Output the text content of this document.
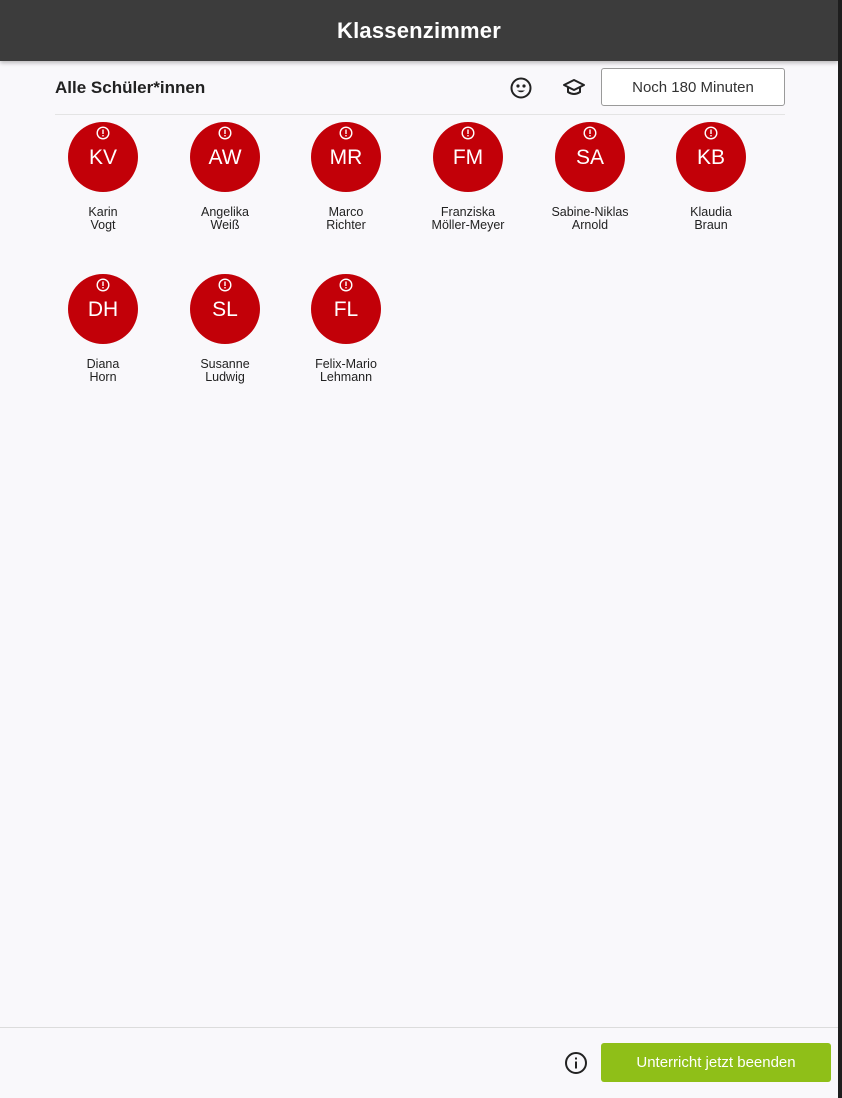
Klassenzimmer
Alle Schüler*innen	Noch 180 Minuten
KV
Karin
Vogt
AW
Angelika
Weiß
MR
Marco
Richter
FM
Franziska
Möller-Meyer
SA
Sabine-Niklas
Arnold
KB
Klaudia
Braun
DH
Diana
Horn
SL
Susanne
Ludwig
FL
Felix-Mario
Lehmann
Unterricht jetzt beenden
